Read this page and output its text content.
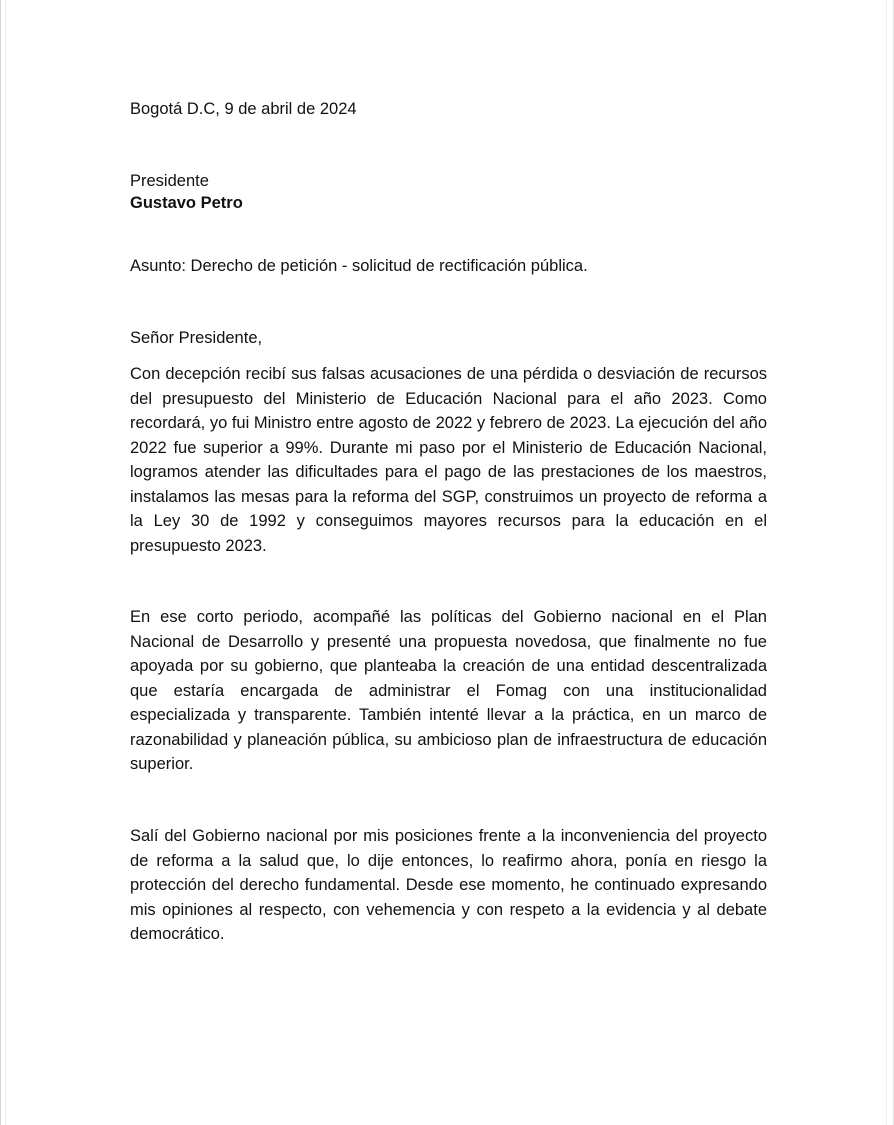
Bogotá D.C, 9 de abril de 2024

Presidente

Gustavo Petro

Asunto: Derecho de petición - solicitud de rectificación pública.

Señor Presidente,

Con decepción recibí sus falsas acusaciones de una pérdida o desviación de recursos del presupuesto del Ministerio de Educación Nacional para el año 2023. Como recordará, yo fui Ministro entre agosto de 2022 y febrero de 2023. La ejecución del año 2022 fue superior a 99%. Durante mi paso por el Ministerio de Educación Nacional, logramos atender las dificultades para el pago de las prestaciones de los maestros, instalamos las mesas para la reforma del SGP, construimos un proyecto de reforma a la Ley 30 de 1992 y conseguimos mayores recursos para la educación en el presupuesto 2023.

En ese corto periodo, acompañé las políticas del Gobierno nacional en el Plan Nacional de Desarrollo y presenté una propuesta novedosa, que finalmente no fue apoyada por su gobierno, que planteaba la creación de una entidad descentralizada que estaría encargada de administrar el Fomag con una institucionalidad especializada y transparente. También intenté llevar a la práctica, en un marco de razonabilidad y planeación pública, su ambicioso plan de infraestructura de educación superior.

Salí del Gobierno nacional por mis posiciones frente a la inconveniencia del proyecto de reforma a la salud que, lo dije entonces, lo reafirmo ahora, ponía en riesgo la protección del derecho fundamental. Desde ese momento, he continuado expresando mis opiniones al respecto, con vehemencia y con respeto a la evidencia y al debate democrático.
